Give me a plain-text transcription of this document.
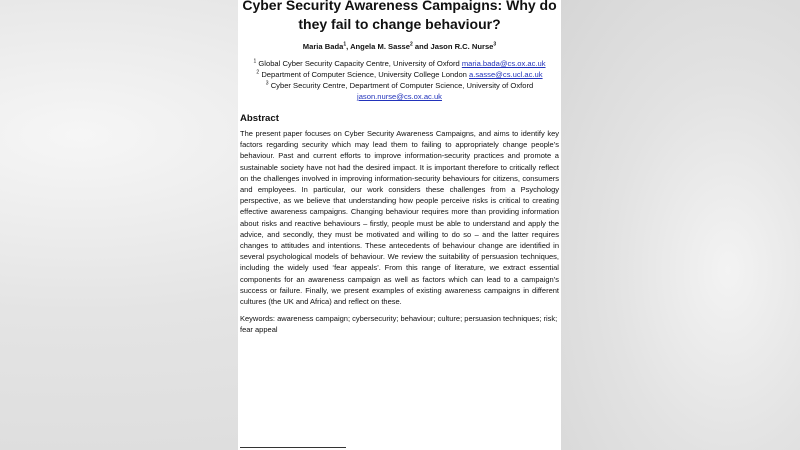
Cyber Security Awareness Campaigns: Why do they fail to change behaviour?
Maria Bada$^1$, Angela M. Sasse$^2$ and Jason R.C. Nurse$^3$
$^1$ Global Cyber Security Capacity Centre, University of Oxford maria.bada@cs.ox.ac.uk
$^2$ Department of Computer Science, University College London a.sasse@cs.ucl.ac.uk
$^3$ Cyber Security Centre, Department of Computer Science, University of Oxford
jason.nurse@cs.ox.ac.uk
Abstract
The present paper focuses on Cyber Security Awareness Campaigns, and aims to identify key factors regarding security which may lead them to failing to appropriately change people’s behaviour. Past and current efforts to improve information-security practices and promote a sustainable society have not had the desired impact. It is important therefore to critically reflect on the challenges involved in improving information-security behaviours for citizens, consumers and employees. In particular, our work considers these challenges from a Psychology perspective, as we believe that understanding how people perceive risks is critical to creating effective awareness campaigns. Changing behaviour requires more than providing information about risks and reactive behaviours – firstly, people must be able to understand and apply the advice, and secondly, they must be motivated and willing to do so – and the latter requires changes to attitudes and intentions. These antecedents of behaviour change are identified in several psychological models of behaviour. We review the suitability of persuasion techniques, including the widely used ‘fear appeals’. From this range of literature, we extract essential components for an awareness campaign as well as factors which can lead to a campaign’s success or failure. Finally, we present examples of existing awareness campaigns in different cultures (the UK and Africa) and reflect on these.
Keywords: awareness campaign; cybersecurity; behaviour; culture; persuasion techniques; risk; fear appeal
